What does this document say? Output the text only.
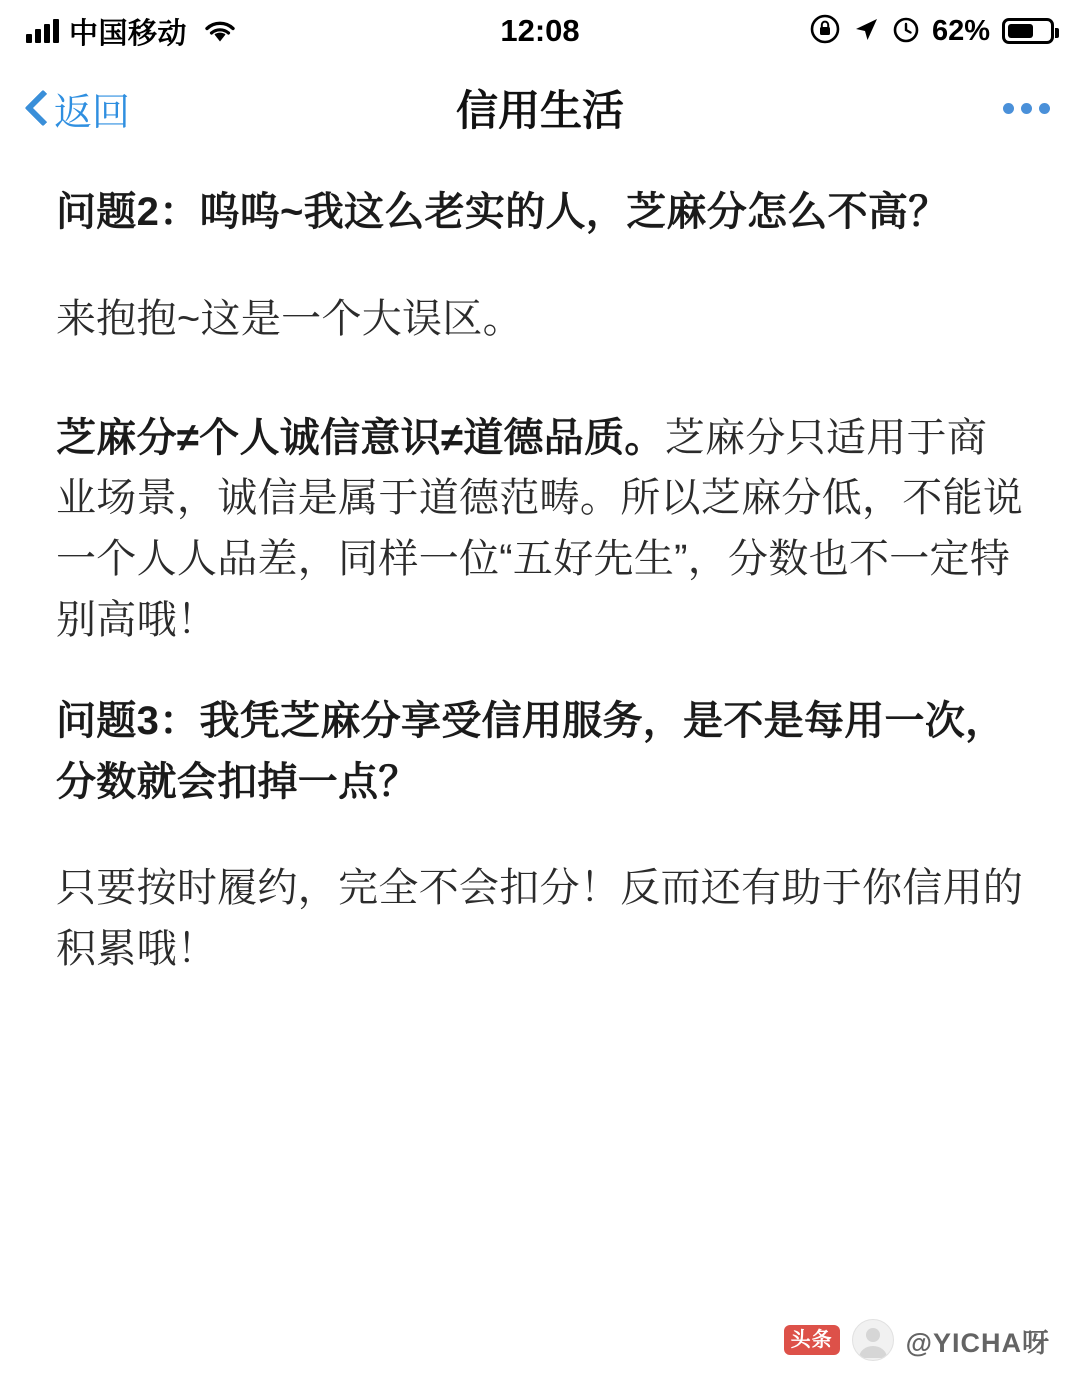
中国移动	12:08	62%
返回	信用生活

问题2：呜呜~我这么老实的人，芝麻分怎么不高？

来抱抱~这是一个大误区。

芝麻分≠个人诚信意识≠道德品质。芝麻分只适用于商业场景，诚信是属于道德范畴。所以芝麻分低，不能说一个人人品差，同样一位“五好先生”，分数也不一定特别高哦！

问题3：我凭芝麻分享受信用服务，是不是每用一次，分数就会扣掉一点？

只要按时履约，完全不会扣分！反而还有助于你信用的积累哦！

头条	@YICHA呀
